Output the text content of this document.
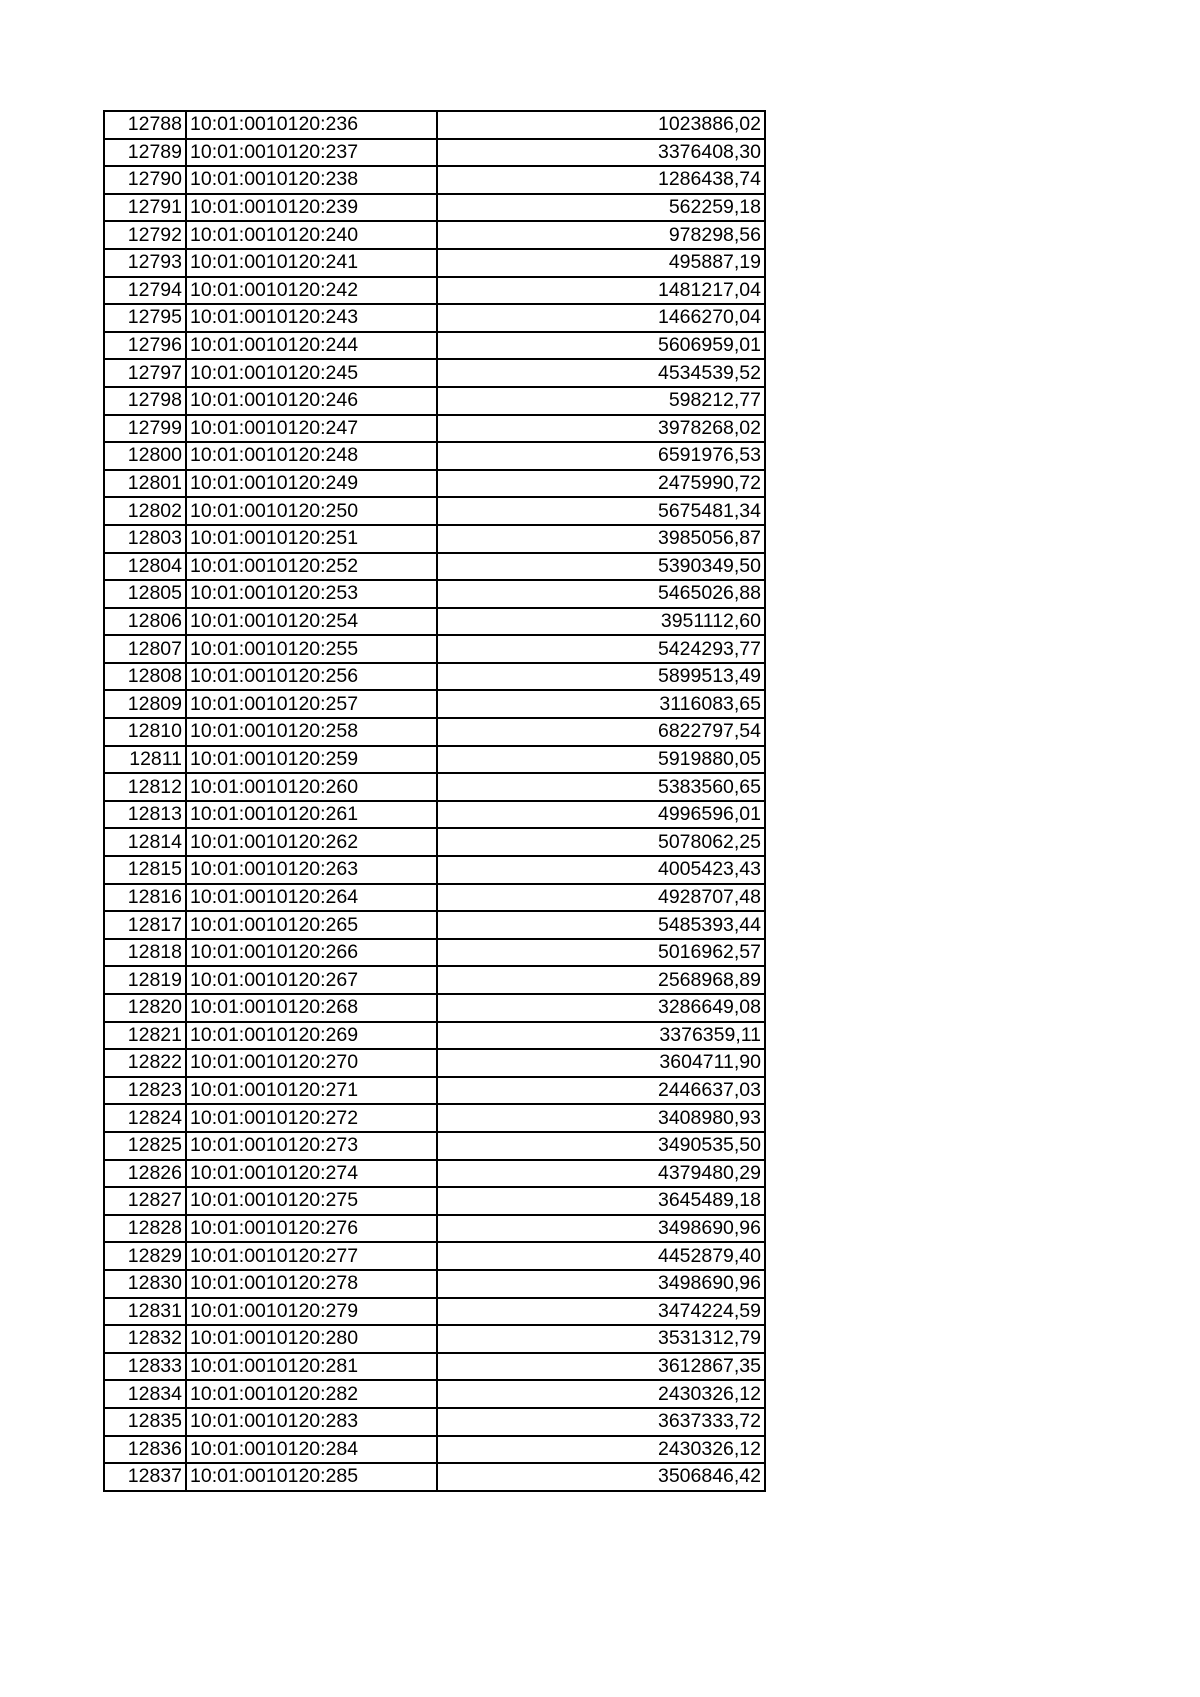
12788	10:01:0010120:236	1023886,02
12789	10:01:0010120:237	3376408,30
12790	10:01:0010120:238	1286438,74
12791	10:01:0010120:239	562259,18
12792	10:01:0010120:240	978298,56
12793	10:01:0010120:241	495887,19
12794	10:01:0010120:242	1481217,04
12795	10:01:0010120:243	1466270,04
12796	10:01:0010120:244	5606959,01
12797	10:01:0010120:245	4534539,52
12798	10:01:0010120:246	598212,77
12799	10:01:0010120:247	3978268,02
12800	10:01:0010120:248	6591976,53
12801	10:01:0010120:249	2475990,72
12802	10:01:0010120:250	5675481,34
12803	10:01:0010120:251	3985056,87
12804	10:01:0010120:252	5390349,50
12805	10:01:0010120:253	5465026,88
12806	10:01:0010120:254	3951112,60
12807	10:01:0010120:255	5424293,77
12808	10:01:0010120:256	5899513,49
12809	10:01:0010120:257	3116083,65
12810	10:01:0010120:258	6822797,54
12811	10:01:0010120:259	5919880,05
12812	10:01:0010120:260	5383560,65
12813	10:01:0010120:261	4996596,01
12814	10:01:0010120:262	5078062,25
12815	10:01:0010120:263	4005423,43
12816	10:01:0010120:264	4928707,48
12817	10:01:0010120:265	5485393,44
12818	10:01:0010120:266	5016962,57
12819	10:01:0010120:267	2568968,89
12820	10:01:0010120:268	3286649,08
12821	10:01:0010120:269	3376359,11
12822	10:01:0010120:270	3604711,90
12823	10:01:0010120:271	2446637,03
12824	10:01:0010120:272	3408980,93
12825	10:01:0010120:273	3490535,50
12826	10:01:0010120:274	4379480,29
12827	10:01:0010120:275	3645489,18
12828	10:01:0010120:276	3498690,96
12829	10:01:0010120:277	4452879,40
12830	10:01:0010120:278	3498690,96
12831	10:01:0010120:279	3474224,59
12832	10:01:0010120:280	3531312,79
12833	10:01:0010120:281	3612867,35
12834	10:01:0010120:282	2430326,12
12835	10:01:0010120:283	3637333,72
12836	10:01:0010120:284	2430326,12
12837	10:01:0010120:285	3506846,42
